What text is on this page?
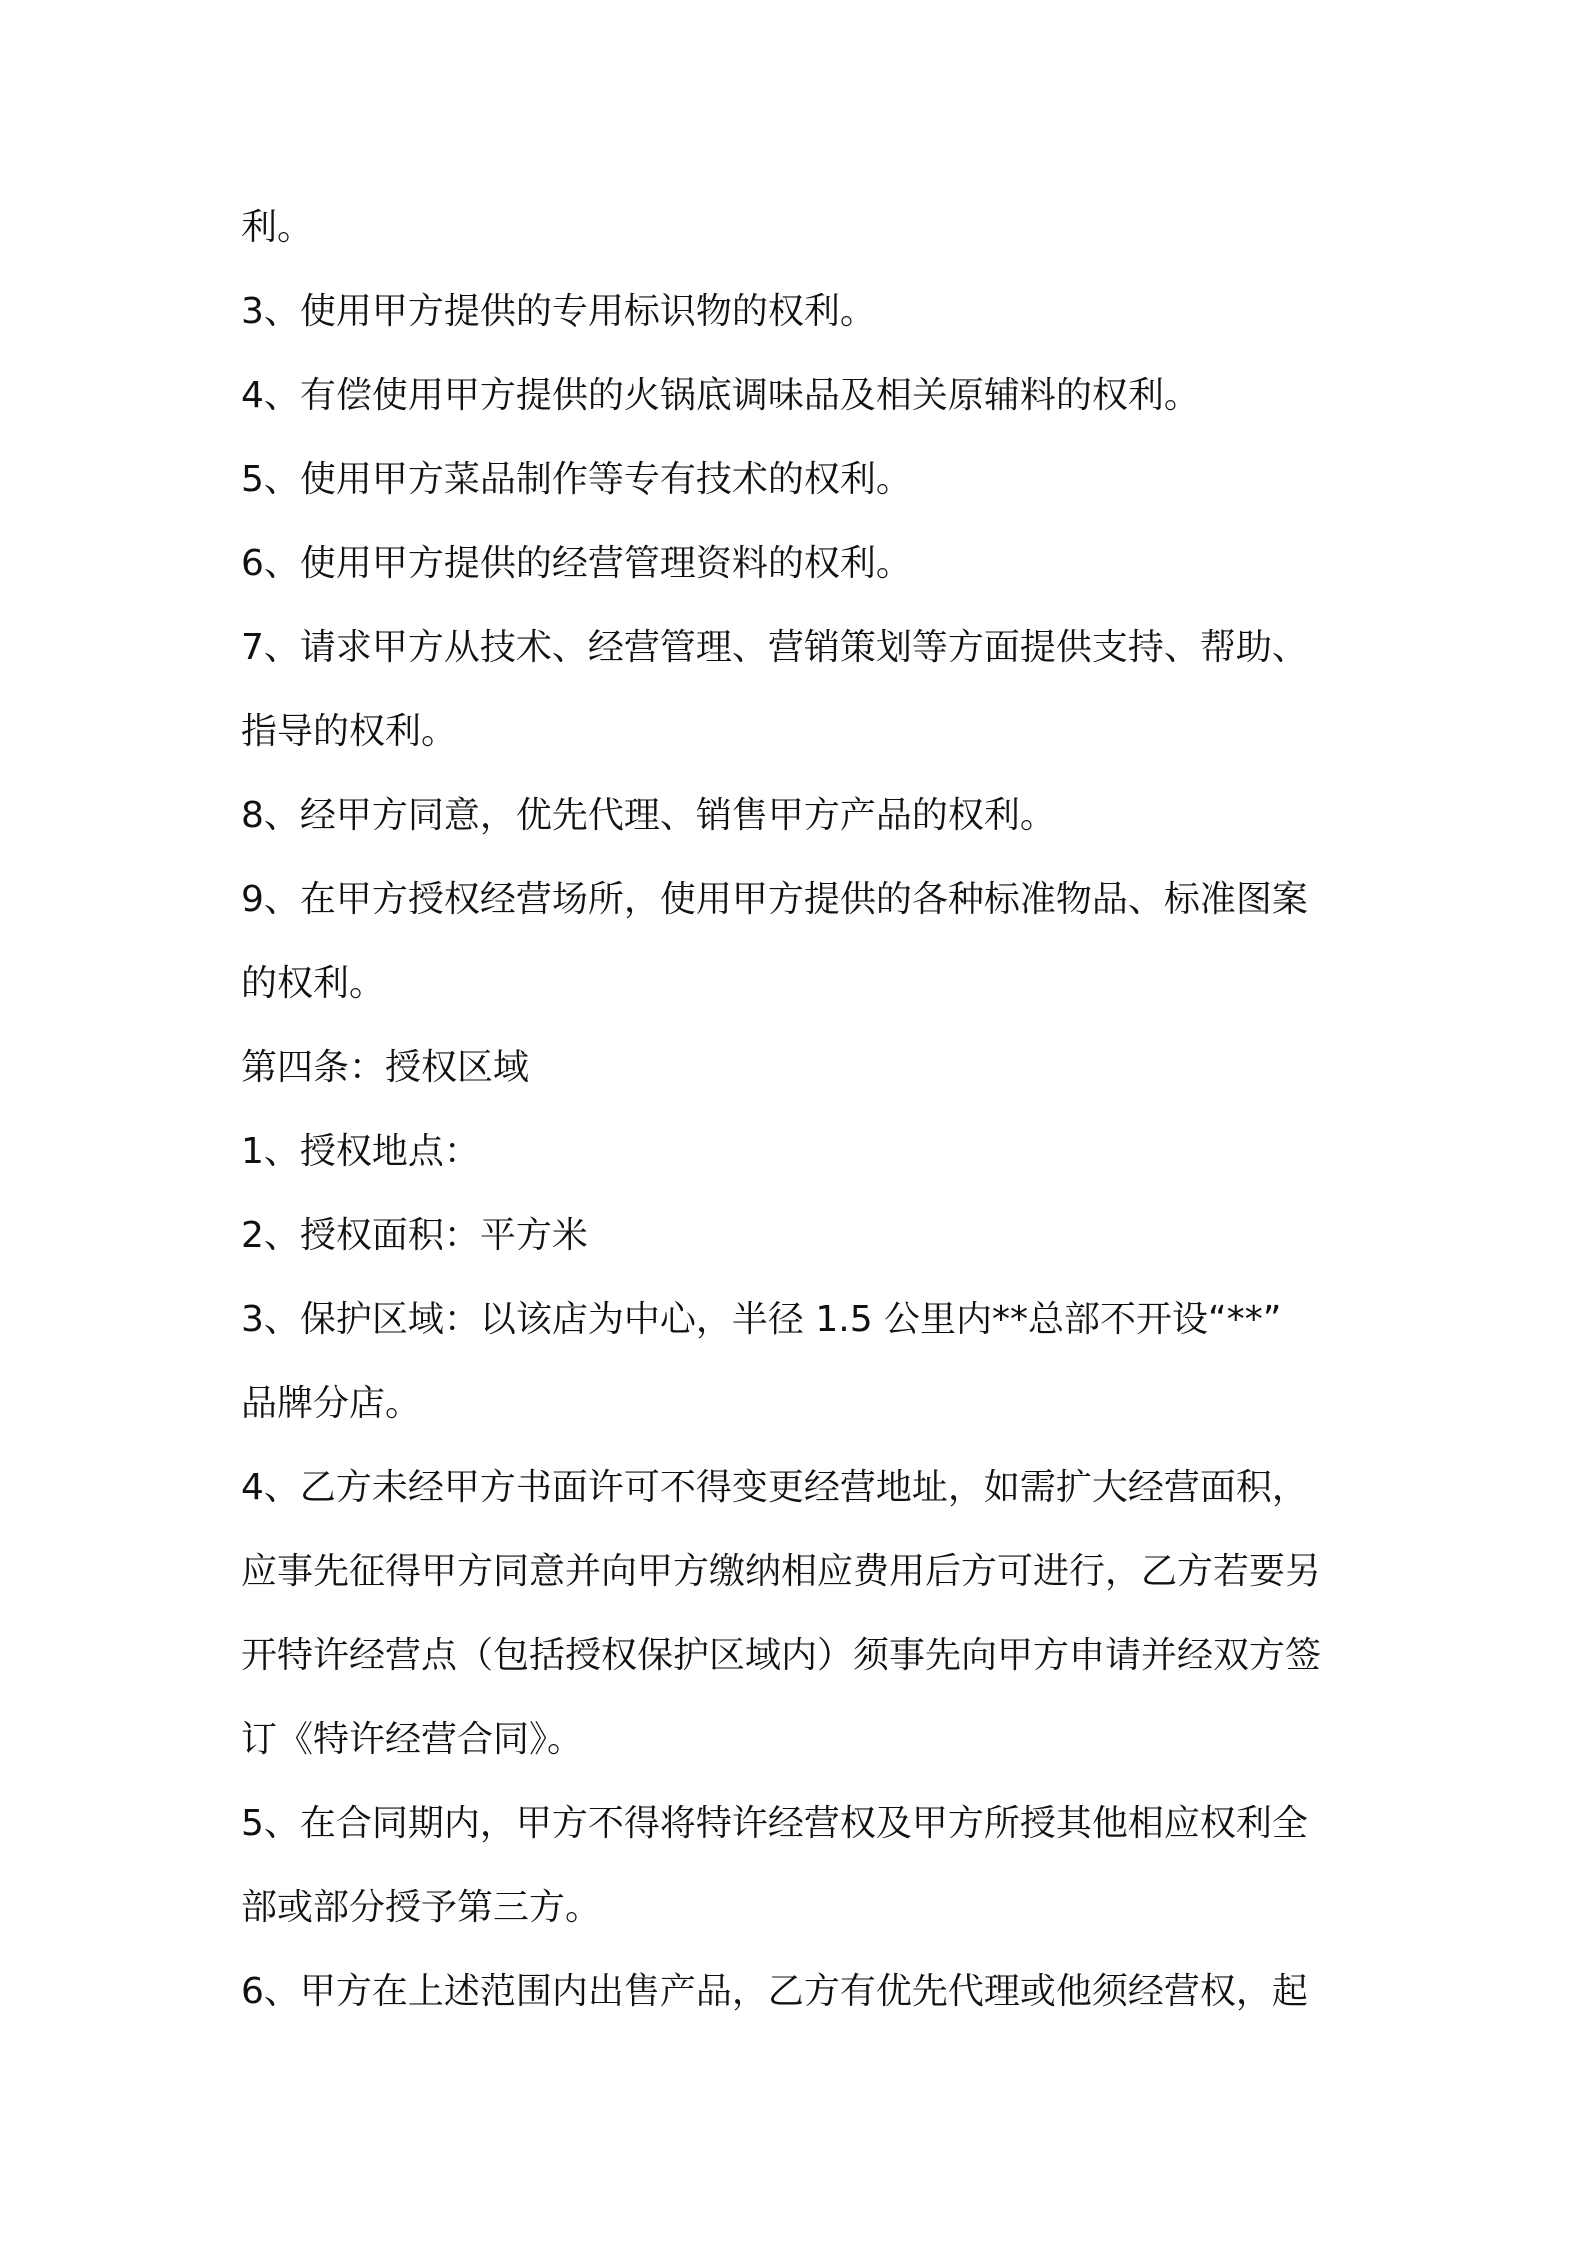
利。

3、使用甲方提供的专用标识物的权利。

4、有偿使用甲方提供的火锅底调味品及相关原辅料的权利。

5、使用甲方菜品制作等专有技术的权利。

6、使用甲方提供的经营管理资料的权利。

7、请求甲方从技术、经营管理、营销策划等方面提供支持、帮助、

指导的权利。

8、经甲方同意，优先代理、销售甲方产品的权利。

9、在甲方授权经营场所，使用甲方提供的各种标准物品、标准图案

的权利。

第四条：授权区域

1、授权地点：

2、授权面积：平方米

3、保护区域：以该店为中心，半径 1.5 公里内**总部不开设“**”

品牌分店。

4、乙方未经甲方书面许可不得变更经营地址，如需扩大经营面积，

应事先征得甲方同意并向甲方缴纳相应费用后方可进行，乙方若要另

开特许经营点（包括授权保护区域内）须事先向甲方申请并经双方签

订《特许经营合同》。

5、在合同期内，甲方不得将特许经营权及甲方所授其他相应权利全

部或部分授予第三方。

6、甲方在上述范围内出售产品，乙方有优先代理或他须经营权，起
